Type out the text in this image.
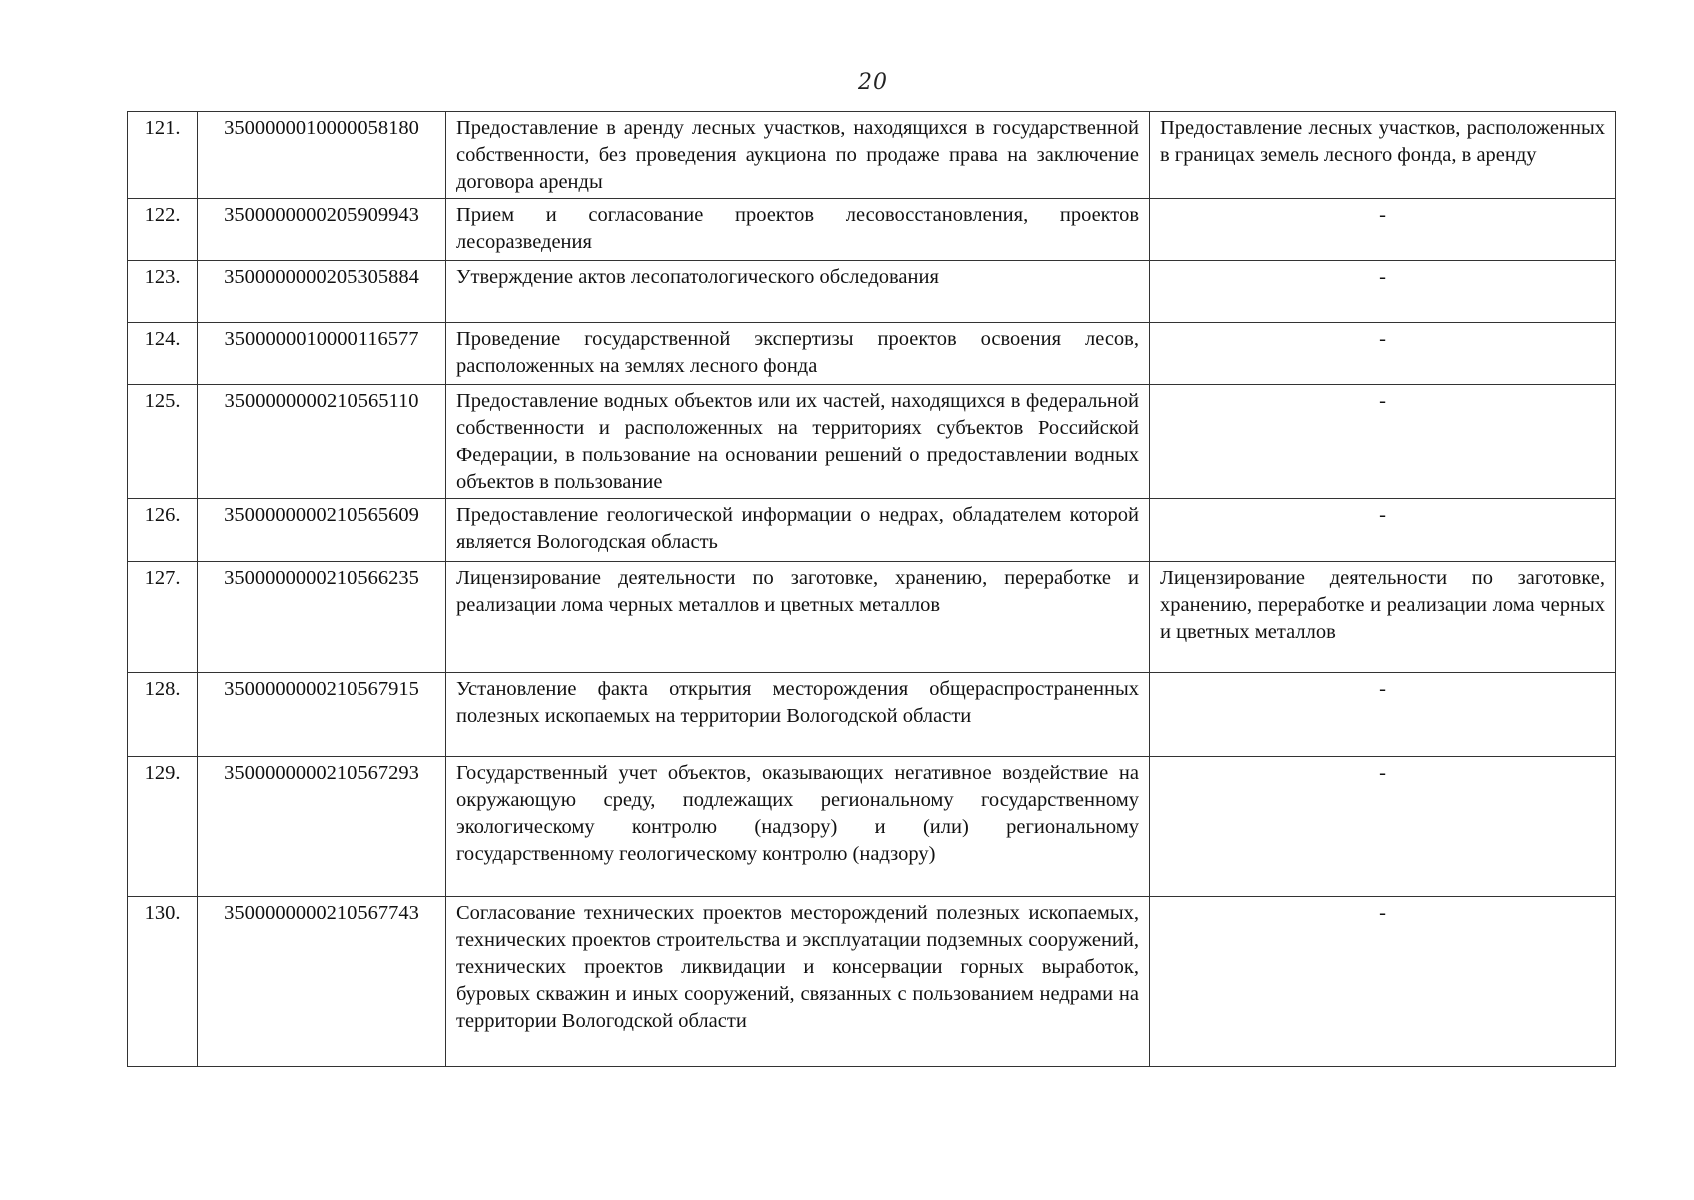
20
121.	3500000010000058180	Предоставление в аренду лесных участков, находящихся в государственной собственности, без проведения аукциона по продаже права на заключение договора аренды	Предоставление лесных участков, расположенных в границах земель лесного фонда, в аренду
122.	3500000000205909943	Прием и согласование проектов лесовосстановления, проектов лесоразведения	-
123.	3500000000205305884	Утверждение актов лесопатологического обследования	-
124.	3500000010000116577	Проведение государственной экспертизы проектов освоения лесов, расположенных на землях лесного фонда	-
125.	3500000000210565110	Предоставление водных объектов или их частей, находящихся в федеральной собственности и расположенных на территориях субъектов Российской Федерации, в пользование на основании решений о предоставлении водных объектов в пользование	-
126.	3500000000210565609	Предоставление геологической информации о недрах, обладателем которой является Вологодская область	-
127.	3500000000210566235	Лицензирование деятельности по заготовке, хранению, переработке и реализации лома черных металлов и цветных металлов	Лицензирование деятельности по заготовке, хранению, переработке и реализации лома черных и цветных металлов
128.	3500000000210567915	Установление факта открытия месторождения общераспространенных полезных ископаемых на территории Вологодской области	-
129.	3500000000210567293	Государственный учет объектов, оказывающих негативное воздействие на окружающую среду, подлежащих региональному государственному экологическому контролю (надзору) и (или) региональному государственному геологическому контролю (надзору)	-
130.	3500000000210567743	Согласование технических проектов месторождений полезных ископаемых, технических проектов строительства и эксплуатации подземных сооружений, технических проектов ликвидации и консервации горных выработок, буровых скважин и иных сооружений, связанных с пользованием недрами на территории Вологодской области	-
